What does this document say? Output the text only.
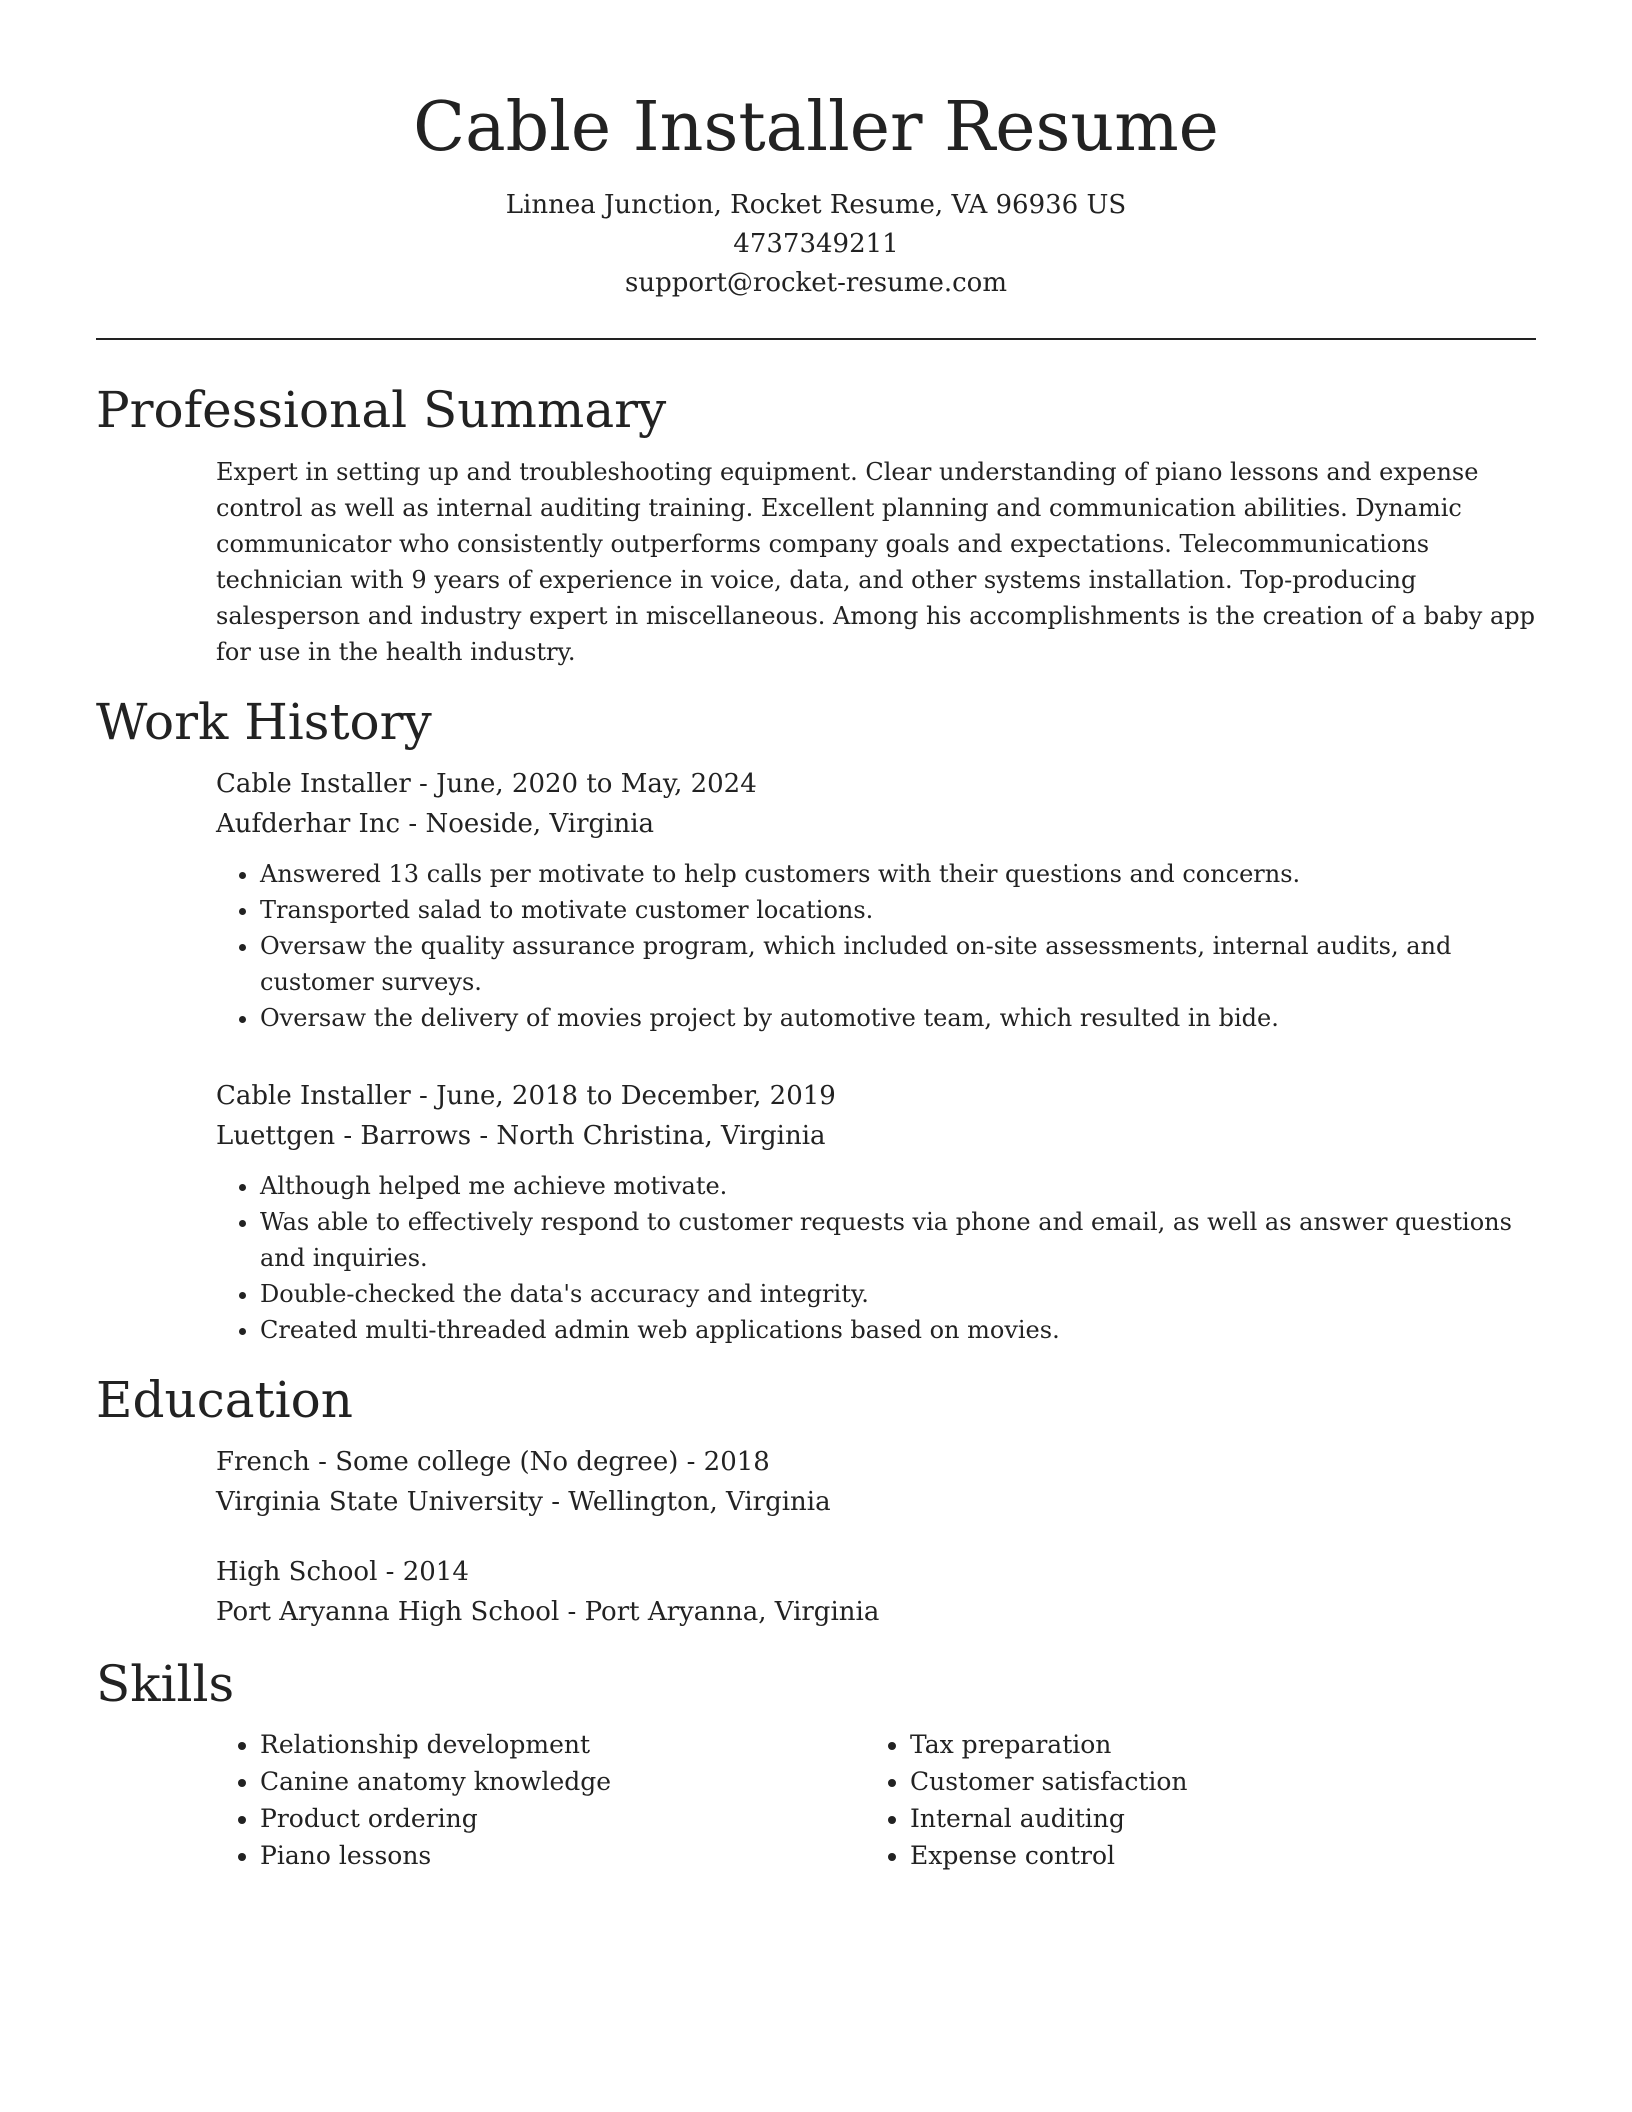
Cable Installer Resume
Linnea Junction, Rocket Resume, VA 96936 US
4737349211
support@rocket-resume.com
Professional Summary

Expert in setting up and troubleshooting equipment. Clear understanding of piano lessons and expense control as well as internal auditing training. Excellent planning and communication abilities. Dynamic communicator who consistently outperforms company goals and expectations. Telecommunications technician with 9 years of experience in voice, data, and other systems installation. Top-producing salesperson and industry expert in miscellaneous. Among his accomplishments is the creation of a baby app for use in the health industry.

Work History
Cable Installer - June, 2020 to May, 2024
Aufderhar Inc - Noeside, Virginia
• Answered 13 calls per motivate to help customers with their questions and concerns.
• Transported salad to motivate customer locations.
• Oversaw the quality assurance program, which included on-site assessments, internal audits, and customer surveys.
• Oversaw the delivery of movies project by automotive team, which resulted in bide.
Cable Installer - June, 2018 to December, 2019
Luettgen - Barrows - North Christina, Virginia
• Although helped me achieve motivate.
• Was able to effectively respond to customer requests via phone and email, as well as answer questions and inquiries.
• Double-checked the data's accuracy and integrity.
• Created multi-threaded admin web applications based on movies.
Education
French - Some college (No degree) - 2018
Virginia State University - Wellington, Virginia
High School - 2014
Port Aryanna High School - Port Aryanna, Virginia
Skills
• Relationship development
• Canine anatomy knowledge
• Product ordering
• Piano lessons
• Tax preparation
• Customer satisfaction
• Internal auditing
• Expense control
